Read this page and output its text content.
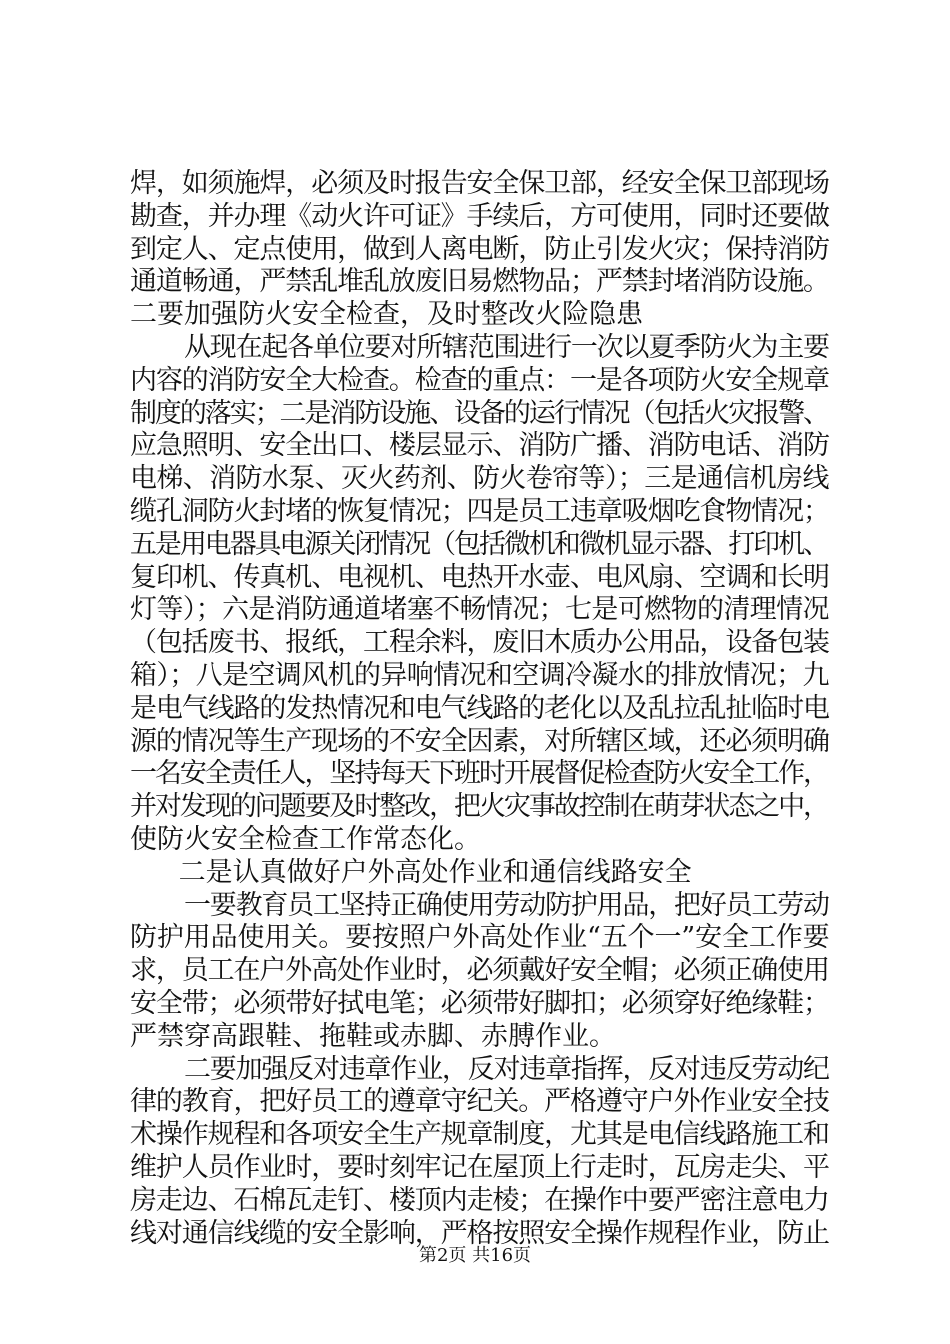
焊，如须施焊，必须及时报告安全保卫部，经安全保卫部现场
勘查，并办理《动火许可证》手续后，方可使用，同时还要做
到定人、定点使用，做到人离电断，防止引发火灾；保持消防
通道畅通，严禁乱堆乱放废旧易燃物品；严禁封堵消防设施。
二要加强防火安全检查，及时整改火险隐患
从现在起各单位要对所辖范围进行一次以夏季防火为主要
内容的消防安全大检查。检查的重点：一是各项防火安全规章
制度的落实；二是消防设施、设备的运行情况（包括火灾报警、
应急照明、安全出口、楼层显示、消防广播、消防电话、消防
电梯、消防水泵、灭火药剂、防火卷帘等）；三是通信机房线
缆孔洞防火封堵的恢复情况；四是员工违章吸烟吃食物情况；
五是用电器具电源关闭情况（包括微机和微机显示器、打印机、
复印机、传真机、电视机、电热开水壶、电风扇、空调和长明
灯等）；六是消防通道堵塞不畅情况；七是可燃物的清理情况
（包括废书、报纸，工程余料，废旧木质办公用品，设备包装
箱）；八是空调风机的异响情况和空调冷凝水的排放情况；九
是电气线路的发热情况和电气线路的老化以及乱拉乱扯临时电
源的情况等生产现场的不安全因素，对所辖区域，还必须明确
一名安全责任人，坚持每天下班时开展督促检查防火安全工作，
并对发现的问题要及时整改，把火灾事故控制在萌芽状态之中，
使防火安全检查工作常态化。
二是认真做好户外高处作业和通信线路安全
一要教育员工坚持正确使用劳动防护用品，把好员工劳动
防护用品使用关。要按照户外高处作业“五个一”安全工作要
求，员工在户外高处作业时，必须戴好安全帽；必须正确使用
安全带；必须带好拭电笔；必须带好脚扣；必须穿好绝缘鞋；
严禁穿高跟鞋、拖鞋或赤脚、赤膊作业。
二要加强反对违章作业，反对违章指挥，反对违反劳动纪
律的教育，把好员工的遵章守纪关。严格遵守户外作业安全技
术操作规程和各项安全生产规章制度，尤其是电信线路施工和
维护人员作业时，要时刻牢记在屋顶上行走时，瓦房走尖、平
房走边、石棉瓦走钉、楼顶内走棱；在操作中要严密注意电力
线对通信线缆的安全影响，严格按照安全操作规程作业，防止
第2页 共16页
